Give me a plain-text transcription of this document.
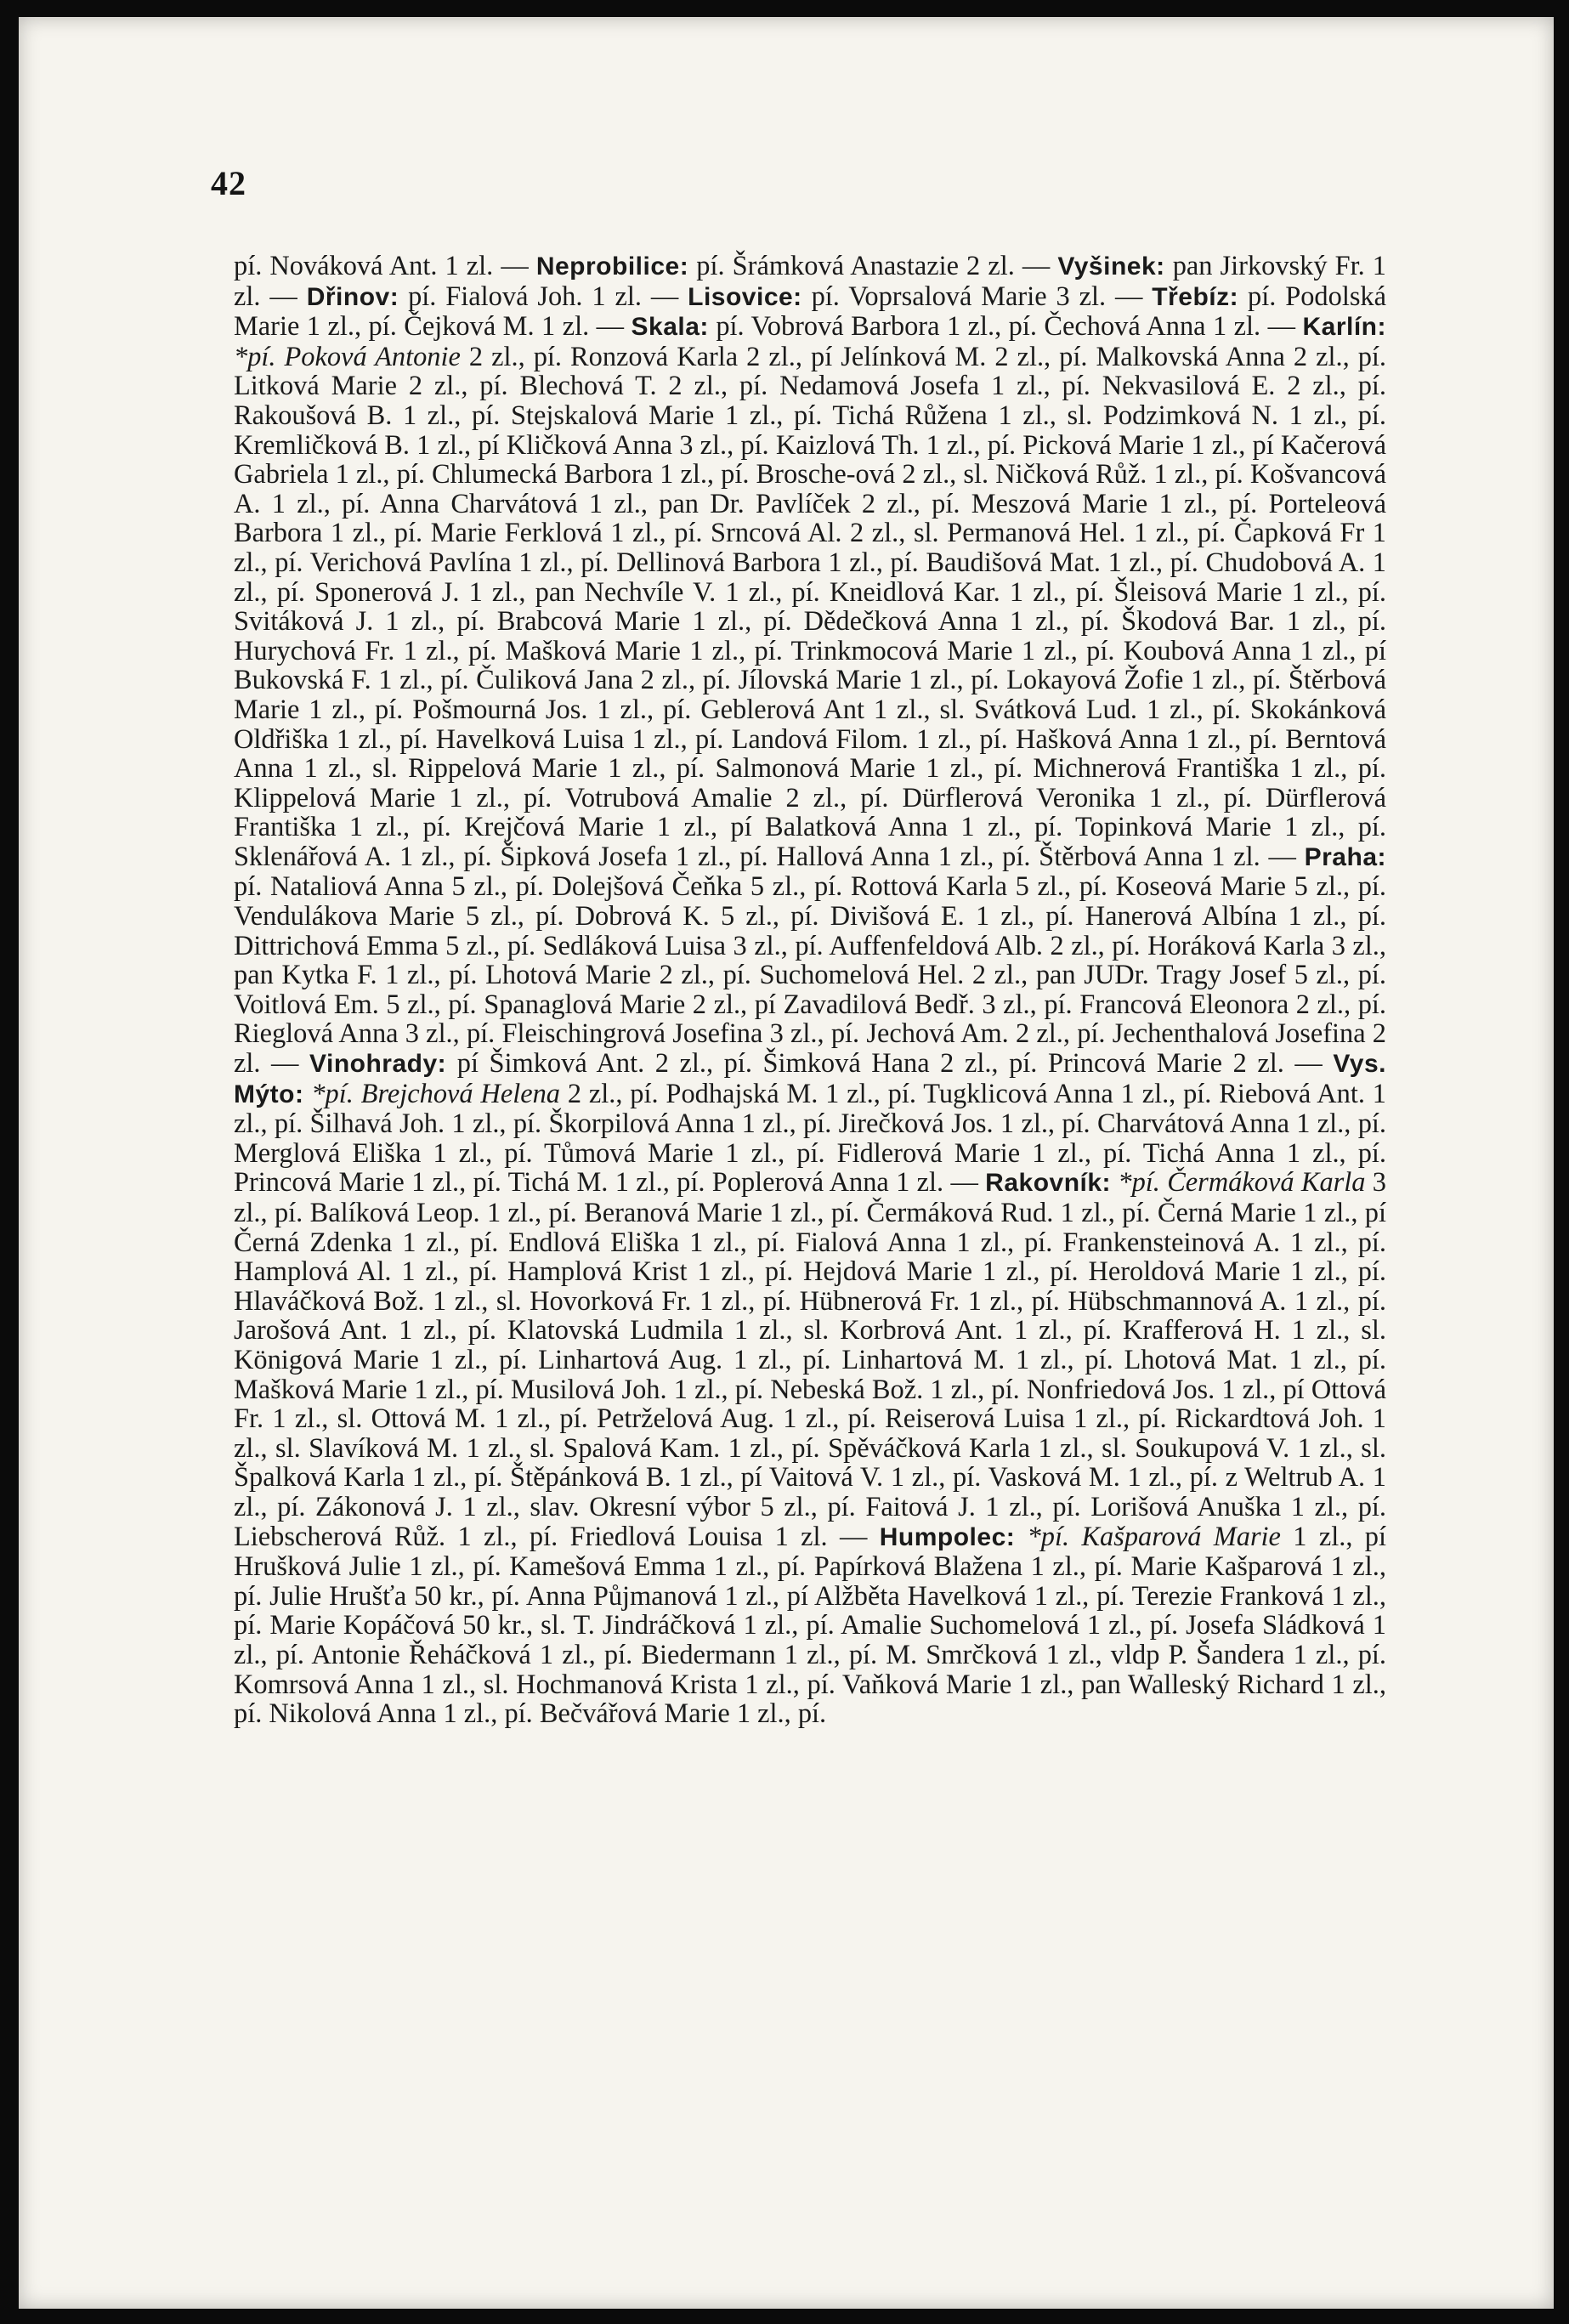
42

pí. Nováková Ant. 1 zl. — Neprobilice: pí. Šrámková Anastazie 2 zl. — Vyšinek: pan Jirkovský Fr. 1 zl. — Dřinov: pí. Fialová Joh. 1 zl. — Lisovice: pí. Voprsalová Marie 3 zl. — Třebíz: pí. Podolská Marie 1 zl., pí. Čejková M. 1 zl. — Skala: pí. Vobrová Barbora 1 zl., pí. Čechová Anna 1 zl. — Karlín: *pí. Poková Antonie 2 zl., pí. Ronzová Karla 2 zl., pí Jelínková M. 2 zl., pí. Malkovská Anna 2 zl., pí. Litková Marie 2 zl., pí. Blechová T. 2 zl., pí. Nedamová Josefa 1 zl., pí. Nekvasilová E. 2 zl., pí. Rakoušová B. 1 zl., pí. Stejskalová Marie 1 zl., pí. Tichá Růžena 1 zl., sl. Podzimková N. 1 zl., pí. Kremličková B. 1 zl., pí Kličková Anna 3 zl., pí. Kaizlová Th. 1 zl., pí. Picková Marie 1 zl., pí Kačerová Gabriela 1 zl., pí. Chlumecká Barbora 1 zl., pí. Brosche-ová 2 zl., sl. Ničková Růž. 1 zl., pí. Košvancová A. 1 zl., pí. Anna Charvátová 1 zl., pan Dr. Pavlíček 2 zl., pí. Meszová Marie 1 zl., pí. Porteleová Barbora 1 zl., pí. Marie Ferklová 1 zl., pí. Srncová Al. 2 zl., sl. Permanová Hel. 1 zl., pí. Čapková Fr 1 zl., pí. Verichová Pavlína 1 zl., pí. Dellinová Barbora 1 zl., pí. Baudišová Mat. 1 zl., pí. Chudobová A. 1 zl., pí. Sponerová J. 1 zl., pan Nechvíle V. 1 zl., pí. Kneidlová Kar. 1 zl., pí. Šleisová Marie 1 zl., pí. Svitáková J. 1 zl., pí. Brabcová Marie 1 zl., pí. Dědečková Anna 1 zl., pí. Škodová Bar. 1 zl., pí. Hurychová Fr. 1 zl., pí. Mašková Marie 1 zl., pí. Trinkmocová Marie 1 zl., pí. Koubová Anna 1 zl., pí Bukovská F. 1 zl., pí. Čuliková Jana 2 zl., pí. Jílovská Marie 1 zl., pí. Lokayová Žofie 1 zl., pí. Štěrbová Marie 1 zl., pí. Pošmourná Jos. 1 zl., pí. Geblerová Ant 1 zl., sl. Svátková Lud. 1 zl., pí. Skokánková Oldřiška 1 zl., pí. Havelková Luisa 1 zl., pí. Landová Filom. 1 zl., pí. Hašková Anna 1 zl., pí. Berntová Anna 1 zl., sl. Rippelová Marie 1 zl., pí. Salmonová Marie 1 zl., pí. Michnerová Františka 1 zl., pí. Klippelová Marie 1 zl., pí. Votrubová Amalie 2 zl., pí. Dürflerová Veronika 1 zl., pí. Dürflerová Františka 1 zl., pí. Krejčová Marie 1 zl., pí Balatková Anna 1 zl., pí. Topinková Marie 1 zl., pí. Sklenářová A. 1 zl., pí. Šipková Josefa 1 zl., pí. Hallová Anna 1 zl., pí. Štěrbová Anna 1 zl. — Praha: pí. Nataliová Anna 5 zl., pí. Dolejšová Čeňka 5 zl., pí. Rottová Karla 5 zl., pí. Koseová Marie 5 zl., pí. Vendulákova Marie 5 zl., pí. Dobrová K. 5 zl., pí. Divišová E. 1 zl., pí. Hanerová Albína 1 zl., pí. Dittrichová Emma 5 zl., pí. Sedláková Luisa 3 zl., pí. Auffenfeldová Alb. 2 zl., pí. Horáková Karla 3 zl., pan Kytka F. 1 zl., pí. Lhotová Marie 2 zl., pí. Suchomelová Hel. 2 zl., pan JUDr. Tragy Josef 5 zl., pí. Voitlová Em. 5 zl., pí. Spanaglová Marie 2 zl., pí Zavadilová Bedř. 3 zl., pí. Francová Eleonora 2 zl., pí. Rieglová Anna 3 zl., pí. Fleischingrová Josefina 3 zl., pí. Jechová Am. 2 zl., pí. Jechenthalová Josefina 2 zl. — Vinohrady: pí Šimková Ant. 2 zl., pí. Šimková Hana 2 zl., pí. Princová Marie 2 zl. — Vys. Mýto: *pí. Brejchová Helena 2 zl., pí. Podhajská M. 1 zl., pí. Tugklicová Anna 1 zl., pí. Riebová Ant. 1 zl., pí. Šilhavá Joh. 1 zl., pí. Škorpilová Anna 1 zl., pí. Jirečková Jos. 1 zl., pí. Charvátová Anna 1 zl., pí. Merglová Eliška 1 zl., pí. Tůmová Marie 1 zl., pí. Fidlerová Marie 1 zl., pí. Tichá Anna 1 zl., pí. Princová Marie 1 zl., pí. Tichá M. 1 zl., pí. Poplerová Anna 1 zl. — Rakovník: *pí. Čermáková Karla 3 zl., pí. Balíková Leop. 1 zl., pí. Beranová Marie 1 zl., pí. Čermáková Rud. 1 zl., pí. Černá Marie 1 zl., pí Černá Zdenka 1 zl., pí. Endlová Eliška 1 zl., pí. Fialová Anna 1 zl., pí. Frankensteinová A. 1 zl., pí. Hamplová Al. 1 zl., pí. Hamplová Krist 1 zl., pí. Hejdová Marie 1 zl., pí. Heroldová Marie 1 zl., pí. Hlaváčková Bož. 1 zl., sl. Hovorková Fr. 1 zl., pí. Hübnerová Fr. 1 zl., pí. Hübschmannová A. 1 zl., pí. Jarošová Ant. 1 zl., pí. Klatovská Ludmila 1 zl., sl. Korbrová Ant. 1 zl., pí. Krafferová H. 1 zl., sl. Königová Marie 1 zl., pí. Linhartová Aug. 1 zl., pí. Linhartová M. 1 zl., pí. Lhotová Mat. 1 zl., pí. Mašková Marie 1 zl., pí. Musilová Joh. 1 zl., pí. Nebeská Bož. 1 zl., pí. Nonfriedová Jos. 1 zl., pí Ottová Fr. 1 zl., sl. Ottová M. 1 zl., pí. Petrželová Aug. 1 zl., pí. Reiserová Luisa 1 zl., pí. Rickardtová Joh. 1 zl., sl. Slavíková M. 1 zl., sl. Spalová Kam. 1 zl., pí. Spěváčková Karla 1 zl., sl. Soukupová V. 1 zl., sl. Špalková Karla 1 zl., pí. Štěpánková B. 1 zl., pí Vaitová V. 1 zl., pí. Vasková M. 1 zl., pí. z Weltrub A. 1 zl., pí. Zákonová J. 1 zl., slav. Okresní výbor 5 zl., pí. Faitová J. 1 zl., pí. Lorišová Anuška 1 zl., pí. Liebscherová Růž. 1 zl., pí. Friedlová Louisa 1 zl. — Humpolec: *pí. Kašparová Marie 1 zl., pí Hrušková Julie 1 zl., pí. Kamešová Emma 1 zl., pí. Papírková Blažena 1 zl., pí. Marie Kašparová 1 zl., pí. Julie Hrušťa 50 kr., pí. Anna Půjmanová 1 zl., pí Alžběta Havelková 1 zl., pí. Terezie Franková 1 zl., pí. Marie Kopáčová 50 kr., sl. T. Jindráčková 1 zl., pí. Amalie Suchomelová 1 zl., pí. Josefa Sládková 1 zl., pí. Antonie Řeháčková 1 zl., pí. Biedermann 1 zl., pí. M. Smrčková 1 zl., vldp P. Šandera 1 zl., pí. Komrsová Anna 1 zl., sl. Hochmanová Krista 1 zl., pí. Vaňková Marie 1 zl., pan Walleský Richard 1 zl., pí. Nikolová Anna 1 zl., pí. Bečvářová Marie 1 zl., pí.
